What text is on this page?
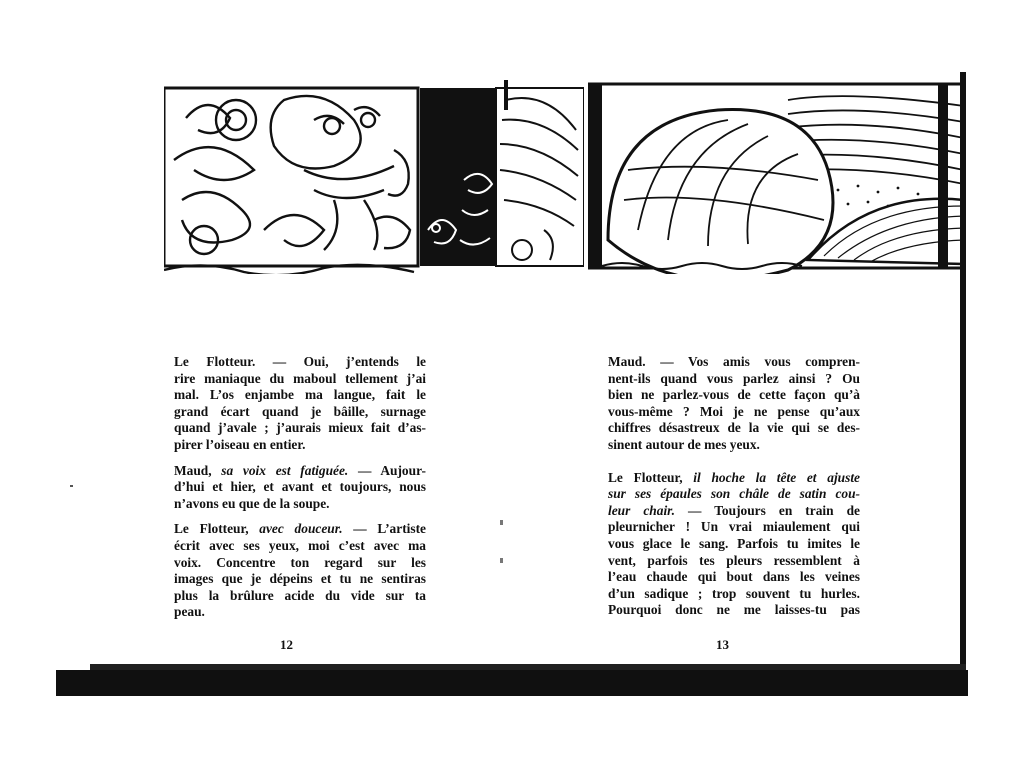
Le Flotteur. — Oui, j’entends le
rire maniaque du maboul tellement j’ai
mal. L’os enjambe ma langue, fait le
grand écart quand je bâille, surnage
quand j’avale ; j’aurais mieux fait d’as-
pirer l’oiseau en entier.

Maud, sa voix est fatiguée. — Aujour-
d’hui et hier, et avant et toujours, nous
n’avons eu que de la soupe.

Le Flotteur, avec douceur. — L’artiste
écrit avec ses yeux, moi c’est avec ma
voix. Concentre ton regard sur les
images que je dépeins et tu ne sentiras
plus la brûlure acide du vide sur ta
peau.

Maud. — Vos amis vous compren-
nent-ils quand vous parlez ainsi ? Ou
bien ne parlez-vous de cette façon qu’à
vous-même ? Moi je ne pense qu’aux
chiffres désastreux de la vie qui se des-
sinent autour de mes yeux.

Le Flotteur, il hoche la tête et ajuste
sur ses épaules son châle de satin cou-
leur chair. — Toujours en train de
pleurnicher ! Un vrai miaulement qui
vous glace le sang. Parfois tu imites le
vent, parfois tes pleurs ressemblent à
l’eau chaude qui bout dans les veines
d’un sadique ; trop souvent tu hurles.
Pourquoi donc ne me laisses-tu pas

12	13
